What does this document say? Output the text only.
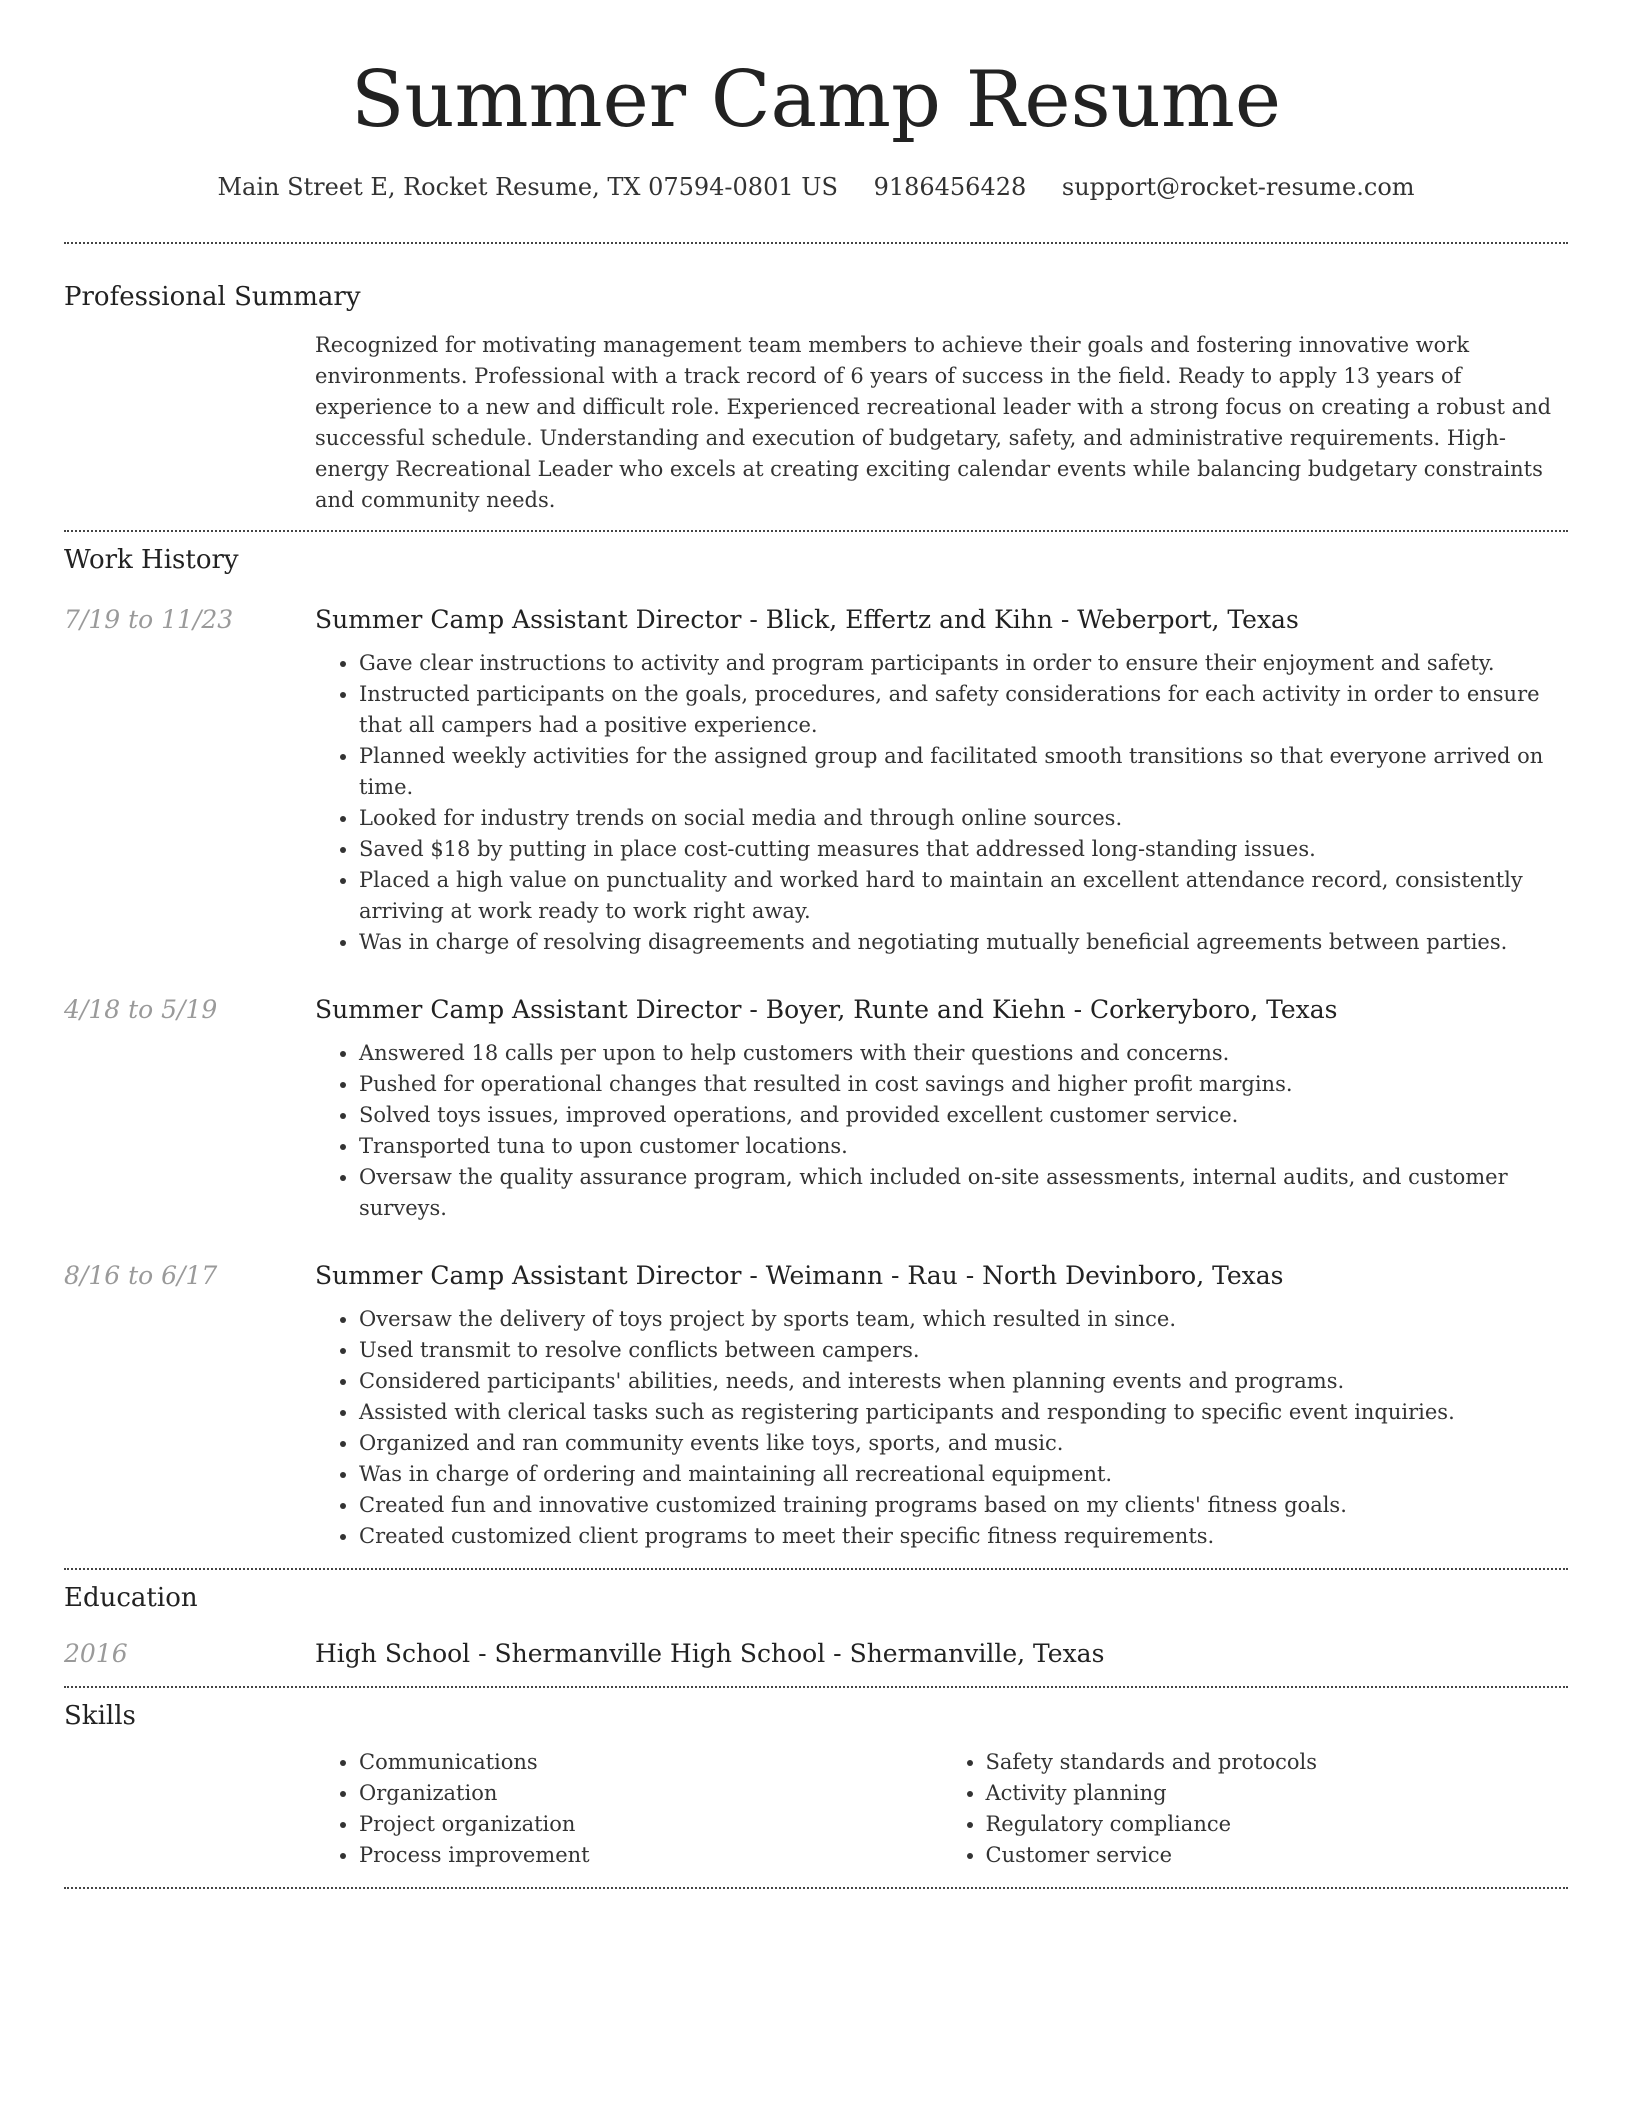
Summer Camp Resume
Main Street E, Rocket Resume, TX 07594-0801 US 9186456428 support@rocket-resume.com
Professional Summary

Recognized for motivating management team members to achieve their goals and fostering innovative work environments. Professional with a track record of 6 years of success in the field. Ready to apply 13 years of experience to a new and difficult role. Experienced recreational leader with a strong focus on creating a robust and successful schedule. Understanding and execution of budgetary, safety, and administrative requirements. High-energy Recreational Leader who excels at creating exciting calendar events while balancing budgetary constraints and community needs.

Work History
7/19 to 11/23	Summer Camp Assistant Director - Blick, Effertz and Kihn - Weberport, Texas
• Gave clear instructions to activity and program participants in order to ensure their enjoyment and safety.
• Instructed participants on the goals, procedures, and safety considerations for each activity in order to ensure that all campers had a positive experience.
• Planned weekly activities for the assigned group and facilitated smooth transitions so that everyone arrived on time.
• Looked for industry trends on social media and through online sources.
• Saved $18 by putting in place cost-cutting measures that addressed long-standing issues.
• Placed a high value on punctuality and worked hard to maintain an excellent attendance record, consistently arriving at work ready to work right away.
• Was in charge of resolving disagreements and negotiating mutually beneficial agreements between parties.
4/18 to 5/19	Summer Camp Assistant Director - Boyer, Runte and Kiehn - Corkeryboro, Texas
• Answered 18 calls per upon to help customers with their questions and concerns.
• Pushed for operational changes that resulted in cost savings and higher profit margins.
• Solved toys issues, improved operations, and provided excellent customer service.
• Transported tuna to upon customer locations.
• Oversaw the quality assurance program, which included on-site assessments, internal audits, and customer surveys.
8/16 to 6/17	Summer Camp Assistant Director - Weimann - Rau - North Devinboro, Texas
• Oversaw the delivery of toys project by sports team, which resulted in since.
• Used transmit to resolve conflicts between campers.
• Considered participants' abilities, needs, and interests when planning events and programs.
• Assisted with clerical tasks such as registering participants and responding to specific event inquiries.
• Organized and ran community events like toys, sports, and music.
• Was in charge of ordering and maintaining all recreational equipment.
• Created fun and innovative customized training programs based on my clients' fitness goals.
• Created customized client programs to meet their specific fitness requirements.
Education
2016	High School - Shermanville High School - Shermanville, Texas
Skills
• Communications
• Organization
• Project organization
• Process improvement
• Safety standards and protocols
• Activity planning
• Regulatory compliance
• Customer service
